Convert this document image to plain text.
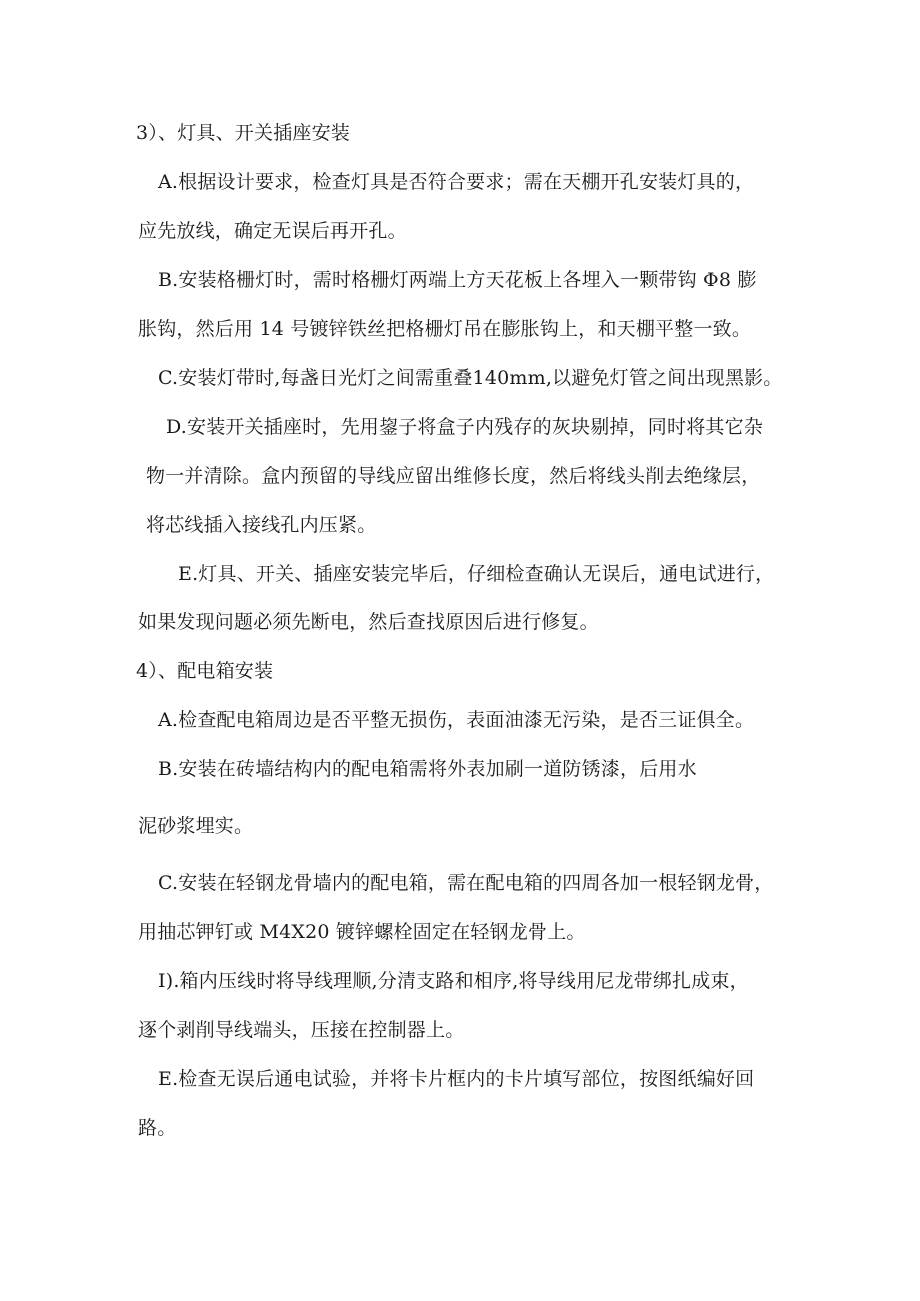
3）、灯具、开关插座安装
A.根据设计要求，检查灯具是否符合要求；需在天棚开孔安装灯具的，
应先放线，确定无误后再开孔。
B.安装格栅灯时，需时格栅灯两端上方天花板上各埋入一颗带钩 Φ8 膨
胀钩，然后用 14 号镀锌铁丝把格栅灯吊在膨胀钩上，和天棚平整一致。
C.安装灯带时,每盏日光灯之间需重叠140mm,以避免灯管之间出现黑影。
D.安装开关插座时，先用鋆子将盒子内残存的灰块剔掉，同时将其它杂
物一并清除。盒内预留的导线应留出维修长度，然后将线头削去绝缘层，
将芯线插入接线孔内压紧。
E.灯具、开关、插座安装完毕后，仔细检查确认无误后，通电试进行，
如果发现问题必须先断电，然后查找原因后进行修复。
4）、配电箱安装
A.检查配电箱周边是否平整无损伤，表面油漆无污染，是否三证俱全。
B.安装在砖墙结构内的配电箱需将外表加刷一道防锈漆，后用水
泥砂浆埋实。
C.安装在轻钢龙骨墙内的配电箱，需在配电箱的四周各加一根轻钢龙骨，
用抽芯钾钉或 M4X20 镀锌螺栓固定在轻钢龙骨上。
I).箱内压线时将导线理顺,分清支路和相序,将导线用尼龙带绑扎成束，
逐个剥削导线端头，压接在控制器上。
E.检查无误后通电试验，并将卡片框内的卡片填写部位，按图纸编好回
路。
